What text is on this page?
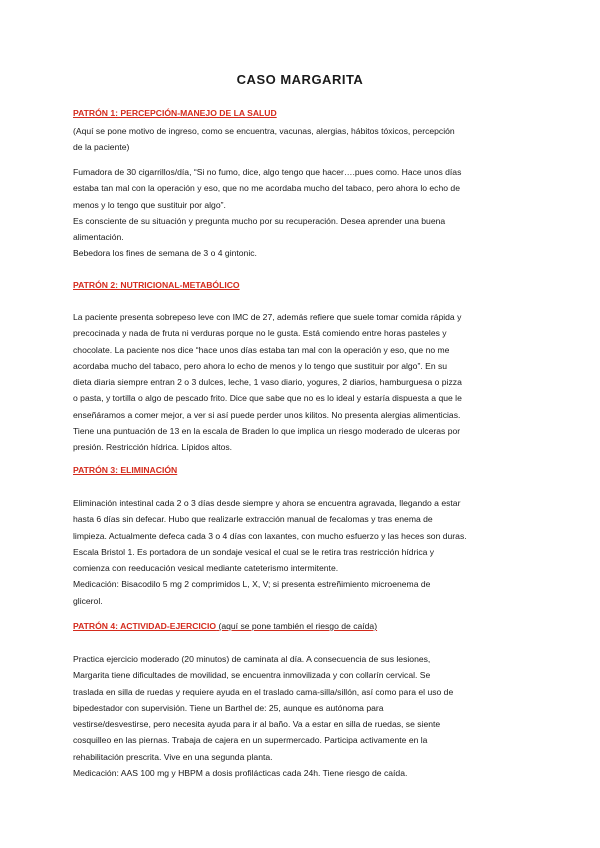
CASO MARGARITA
PATRÓN 1: PERCEPCIÓN-MANEJO DE LA SALUD
(Aquí se pone motivo de ingreso, como se encuentra, vacunas, alergias, hábitos tóxicos, percepción
de la paciente)
Fumadora de 30 cigarrillos/día, “Si no fumo, dice, algo tengo que hacer….pues como. Hace unos días
estaba tan mal con la operación y eso, que no me acordaba mucho del tabaco, pero ahora lo echo de
menos y lo tengo que sustituir por algo”.
Es consciente de su situación y pregunta mucho por su recuperación. Desea aprender una buena
alimentación.
Bebedora los fines de semana de 3 o 4 gintonic.
PATRÓN 2: NUTRICIONAL-METABÓLICO
La paciente presenta sobrepeso leve con IMC de 27, además refiere que suele tomar comida rápida y
precocinada y nada de fruta ni verduras porque no le gusta. Está comiendo entre horas pasteles y
chocolate. La paciente nos dice “hace unos días estaba tan mal con la operación y eso, que no me
acordaba mucho del tabaco, pero ahora lo echo de menos y lo tengo que sustituir por algo”. En su
dieta diaria siempre entran 2 o 3 dulces, leche, 1 vaso diario, yogures, 2 diarios, hamburguesa o pizza
o pasta, y tortilla o algo de pescado frito. Dice que sabe que no es lo ideal y estaría dispuesta a que le
enseñáramos a comer mejor, a ver si así puede perder unos kilitos. No presenta alergias alimenticias.
Tiene una puntuación de 13 en la escala de Braden lo que implica un riesgo moderado de ulceras por
presión. Restricción hídrica. Lípidos altos.
PATRÓN 3: ELIMINACIÓN
Eliminación intestinal cada 2 o 3 días desde siempre y ahora se encuentra agravada, llegando a estar
hasta 6 días sin defecar. Hubo que realizarle extracción manual de fecalomas y tras enema de
limpieza. Actualmente defeca cada 3 o 4 días con laxantes, con mucho esfuerzo y las heces son duras.
Escala Bristol 1. Es portadora de un sondaje vesical el cual se le retira tras restricción hídrica y
comienza con reeducación vesical mediante cateterismo intermitente.
Medicación: Bisacodilo 5 mg 2 comprimidos L, X, V; si presenta estreñimiento microenema de
glicerol.
PATRÓN 4: ACTIVIDAD-EJERCICIO (aquí se pone también el riesgo de caída)
Practica ejercicio moderado (20 minutos) de caminata al día. A consecuencia de sus lesiones,
Margarita tiene dificultades de movilidad, se encuentra inmovilizada y con collarín cervical. Se
traslada en silla de ruedas y requiere ayuda en el traslado cama-silla/sillón, así como para el uso de
bipedestador con supervisión. Tiene un Barthel de: 25, aunque es autónoma para
vestirse/desvestirse, pero necesita ayuda para ir al baño. Va a estar en silla de ruedas, se siente
cosquilleo en las piernas. Trabaja de cajera en un supermercado. Participa activamente en la
rehabilitación prescrita. Vive en una segunda planta.
Medicación: AAS 100 mg y HBPM a dosis profilácticas cada 24h. Tiene riesgo de caída.
